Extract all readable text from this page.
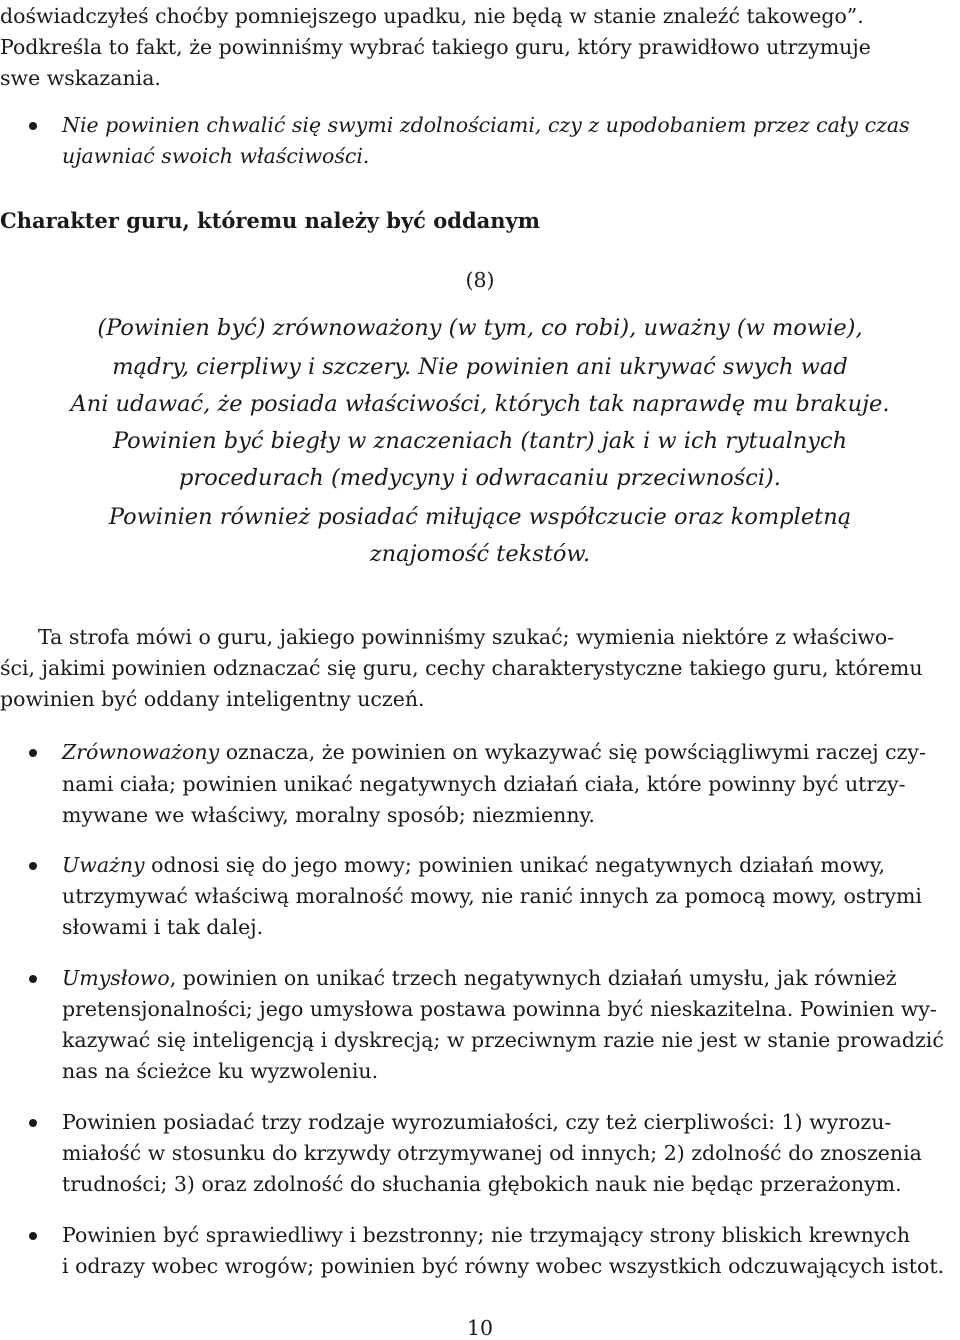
doświadczyłeś choćby pomniejszego upadku, nie będą w stanie znaleźć takowego”.
Podkreśla to fakt, że powinniśmy wybrać takiego guru, który prawidłowo utrzymuje
swe wskazania.
Nie powinien chwalić się swymi zdolnościami, czy z upodobaniem przez cały czas
ujawniać swoich właściwości.
Charakter guru, któremu należy być oddanym
(8)
(Powinien być) zrównoważony (w tym, co robi), uważny (w mowie),
mądry, cierpliwy i szczery. Nie powinien ani ukrywać swych wad
Ani udawać, że posiada właściwości, których tak naprawdę mu brakuje.
Powinien być biegły w znaczeniach (tantr) jak i w ich rytualnych
procedurach (medycyny i odwracaniu przeciwności).
Powinien również posiadać miłujące współczucie oraz kompletną
znajomość tekstów.
Ta strofa mówi o guru, jakiego powinniśmy szukać; wymienia niektóre z właściwo-
ści, jakimi powinien odznaczać się guru, cechy charakterystyczne takiego guru, któremu
powinien być oddany inteligentny uczeń.
Zrównoważony oznacza, że powinien on wykazywać się powściągliwymi raczej czy-
nami ciała; powinien unikać negatywnych działań ciała, które powinny być utrzy-
mywane we właściwy, moralny sposób; niezmienny.
Uważny odnosi się do jego mowy; powinien unikać negatywnych działań mowy,
utrzymywać właściwą moralność mowy, nie ranić innych za pomocą mowy, ostrymi
słowami i tak dalej.
Umysłowo, powinien on unikać trzech negatywnych działań umysłu, jak również
pretensjonalności; jego umysłowa postawa powinna być nieskazitelna. Powinien wy-
kazywać się inteligencją i dyskrecją; w przeciwnym razie nie jest w stanie prowadzić
nas na ścieżce ku wyzwoleniu.
Powinien posiadać trzy rodzaje wyrozumiałości, czy też cierpliwości: 1) wyrozu-
miałość w stosunku do krzywdy otrzymywanej od innych; 2) zdolność do znoszenia
trudności; 3) oraz zdolność do słuchania głębokich nauk nie będąc przerażonym.
Powinien być sprawiedliwy i bezstronny; nie trzymający strony bliskich krewnych
i odrazy wobec wrogów; powinien być równy wobec wszystkich odczuwających istot.
10
